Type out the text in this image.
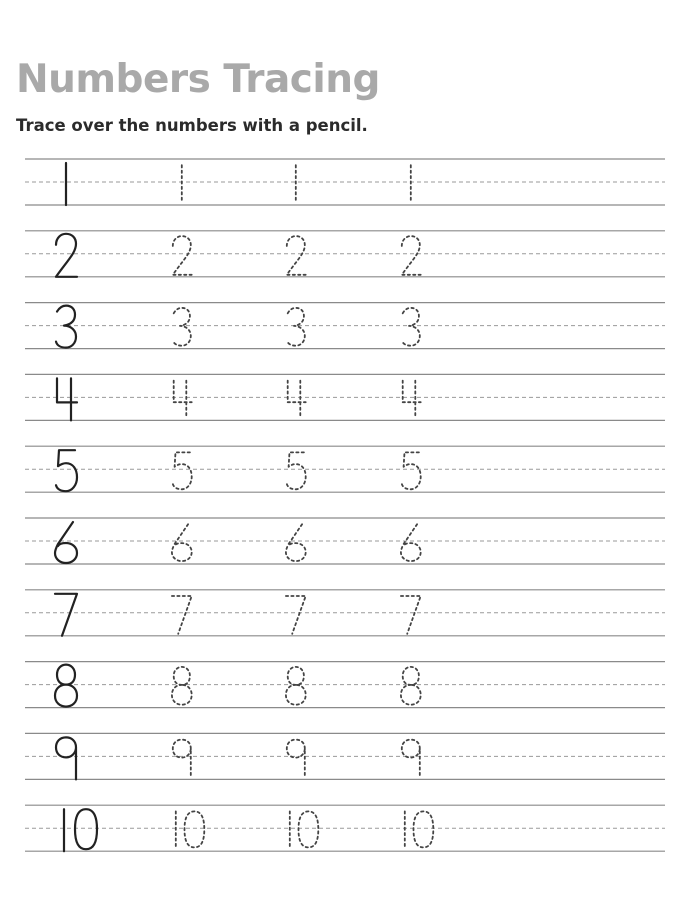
Numbers Tracing

Trace over the numbers with a pencil.
